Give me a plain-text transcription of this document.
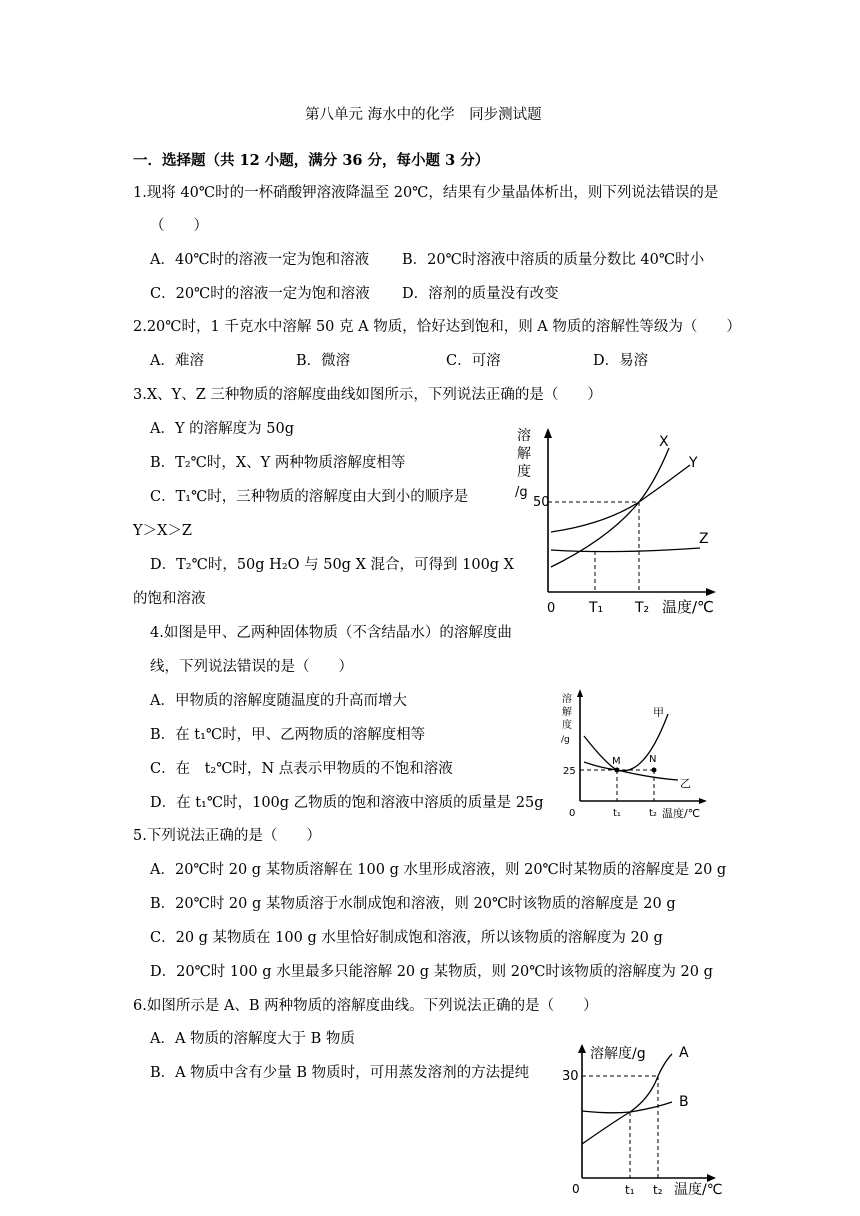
第八单元 海水中的化学　同步测试题
一．选择题（共 12 小题，满分 36 分，每小题 3 分）
1.现将 40℃时的一杯硝酸钾溶液降温至 20℃，结果有少量晶体析出，则下列说法错误的是
（　　）
A．40℃时的溶液一定为饱和溶液 B．20℃时溶液中溶质的质量分数比 40℃时小
C．20℃时的溶液一定为饱和溶液 D．溶剂的质量没有改变
2.20℃时，1 千克水中溶解 50 克 A 物质，恰好达到饱和，则 A 物质的溶解性等级为（　　）
A．难溶	B．微溶	C．可溶	D．易溶
3.X、Y、Z 三种物质的溶解度曲线如图所示，下列说法正确的是（　　）
A．Y 的溶解度为 50g
B．T₂℃时，X、Y 两种物质溶解度相等
C．T₁℃时，三种物质的溶解度由大到小的顺序是
Y＞X＞Z
D．T₂℃时，50g H₂O 与 50g X 混合，可得到 100g X
的饱和溶液
溶
解
度
/g
50
0 T₁ T₂ 温度/℃
X
Y
Z
4.如图是甲、乙两种固体物质（不含结晶水）的溶解度曲
线，下列说法错误的是（　　）
A．甲物质的溶解度随温度的升高而增大
B．在 t₁℃时，甲、乙两物质的溶解度相等
C．在　t₂℃时，N 点表示甲物质的不饱和溶液
D．在 t₁℃时，100g 乙物质的饱和溶液中溶质的质量是 25g
溶
解
度
/g
25
0	t₁	t₂ 温度/℃
M	N
甲
乙
5.下列说法正确的是（　　）
A．20℃时 20 g 某物质溶解在 100 g 水里形成溶液，则 20℃时某物质的溶解度是 20 g
B．20℃时 20 g 某物质溶于水制成饱和溶液，则 20℃时该物质的溶解度是 20 g
C．20 g 某物质在 100 g 水里恰好制成饱和溶液，所以该物质的溶解度为 20 g
D．20℃时 100 g 水里最多只能溶解 20 g 某物质，则 20℃时该物质的溶解度为 20 g
6.如图所示是 A、B 两种物质的溶解度曲线。下列说法正确的是（　　）
A．A 物质的溶解度大于 B 物质
B．A 物质中含有少量 B 物质时，可用蒸发溶剂的方法提纯
溶解度/g
30
0	t₁ t₂ 温度/℃
A
B
